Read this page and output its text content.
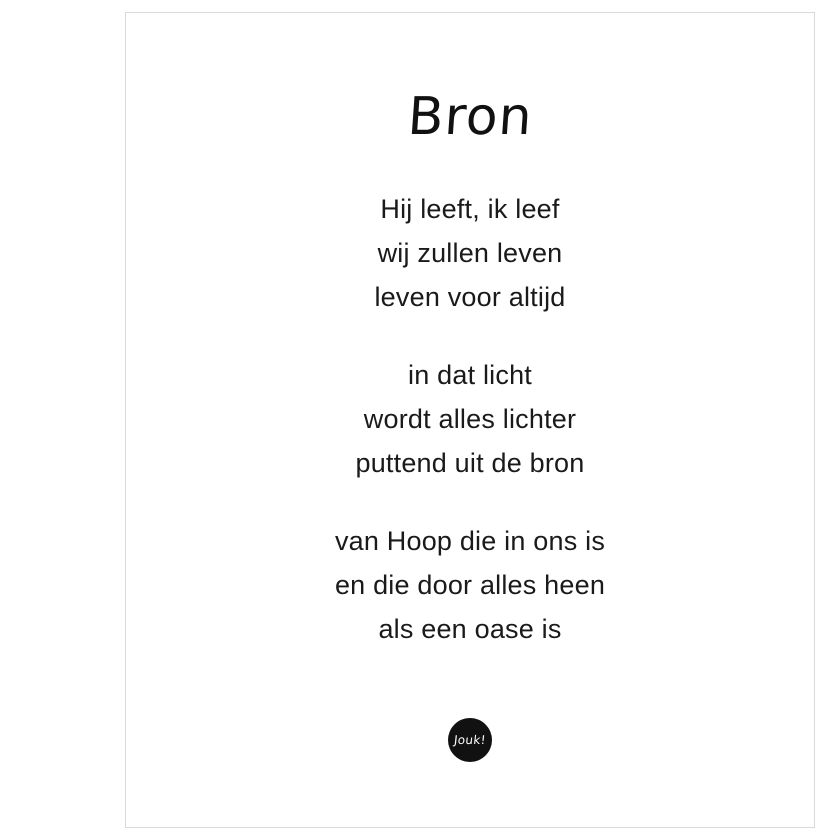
Bron
Hij leeft, ik leef
wij zullen leven
leven voor altijd
in dat licht
wordt alles lichter
puttend uit de bron
van Hoop die in ons is
en die door alles heen
als een oase is
Jouk!
